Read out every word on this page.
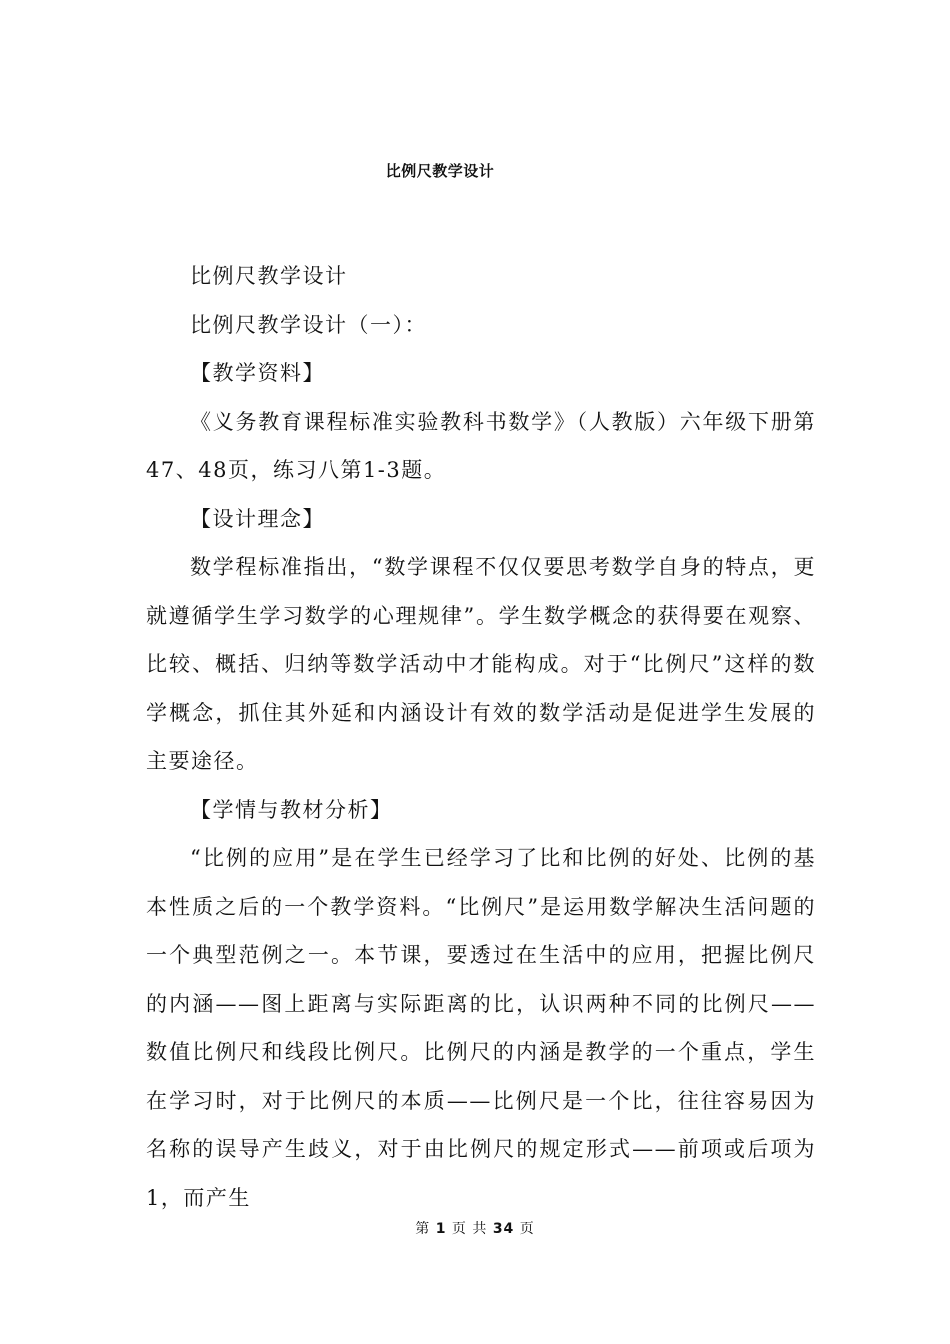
比例尺教学设计

比例尺教学设计

比例尺教学设计（一）：

【教学资料】

《义务教育课程标准实验教科书数学》（人教版）六年级下册第47、48页，练习八第1-3题。

【设计理念】

数学程标准指出，“数学课程不仅仅要思考数学自身的特点，更就遵循学生学习数学的心理规律”。学生数学概念的获得要在观察、比较、概括、归纳等数学活动中才能构成。对于“比例尺”这样的数学概念，抓住其外延和内涵设计有效的数学活动是促进学生发展的主要途径。

【学情与教材分析】

“比例的应用”是在学生已经学习了比和比例的好处、比例的基本性质之后的一个教学资料。“比例尺”是运用数学解决生活问题的一个典型范例之一。本节课，要透过在生活中的应用，把握比例尺的内涵——图上距离与实际距离的比，认识两种不同的比例尺——数值比例尺和线段比例尺。比例尺的内涵是教学的一个重点，学生在学习时，对于比例尺的本质——比例尺是一个比，往往容易因为名称的误导产生歧义，对于由比例尺的规定形式——前项或后项为1，而产生

第 1 页 共 34 页
